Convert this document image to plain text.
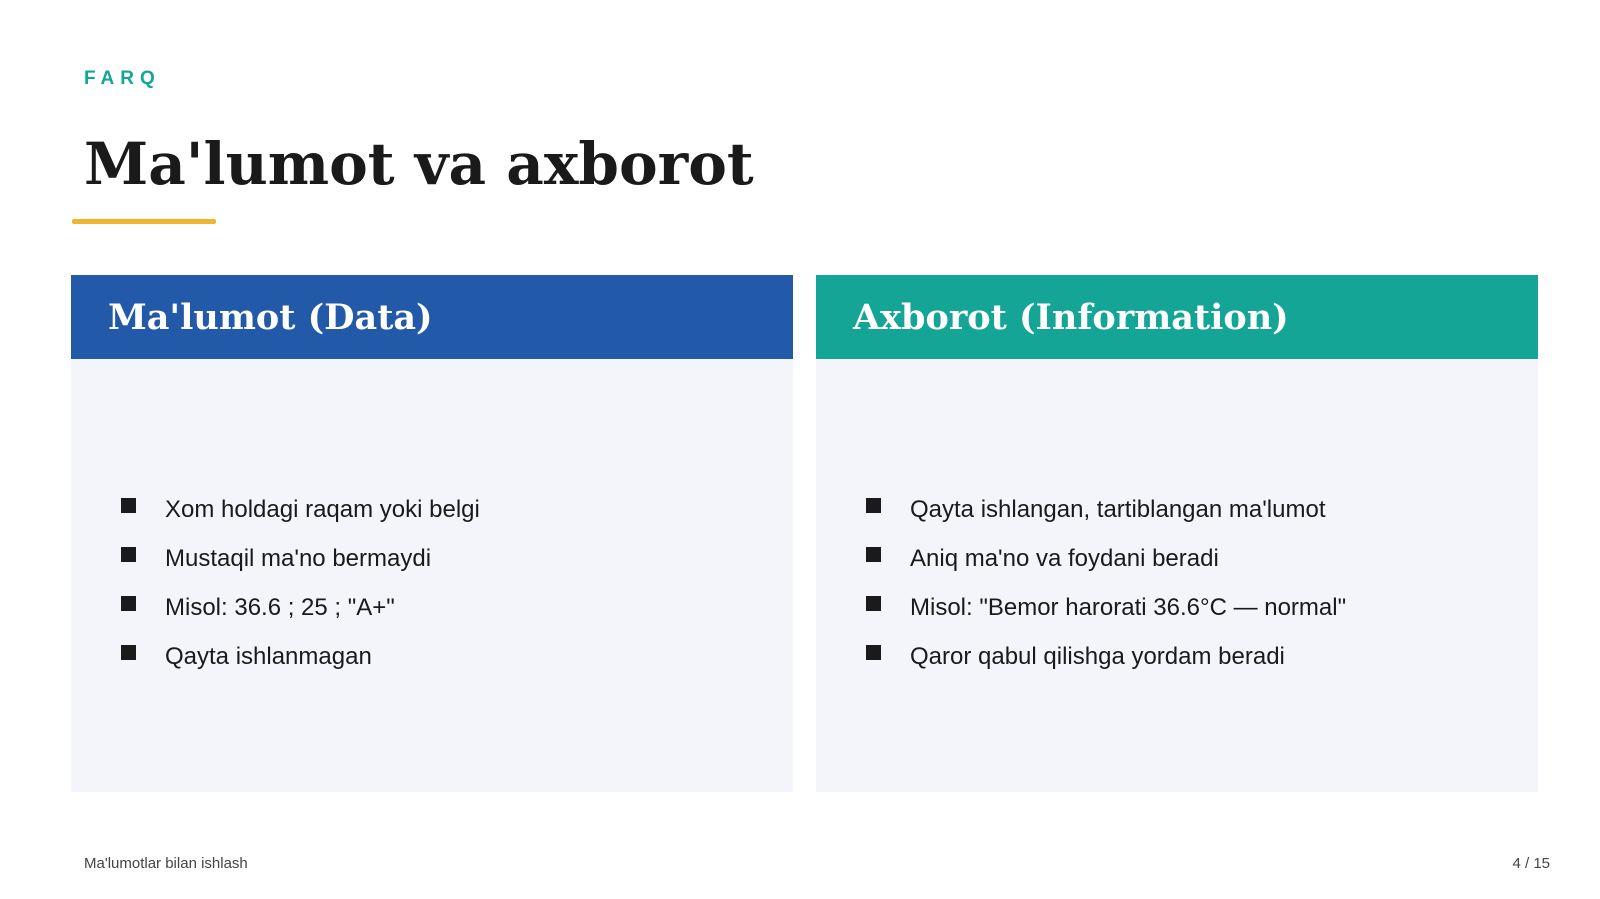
FARQ
Ma'lumot va axborot
Ma'lumot (Data)
Xom holdagi raqam yoki belgi
Mustaqil ma'no bermaydi
Misol: 36.6 ; 25 ; "A+"
Qayta ishlanmagan
Axborot (Information)
Qayta ishlangan, tartiblangan ma'lumot
Aniq ma'no va foydani beradi
Misol: "Bemor harorati 36.6°C — normal"
Qaror qabul qilishga yordam beradi
Ma'lumotlar bilan ishlash	4 / 15
